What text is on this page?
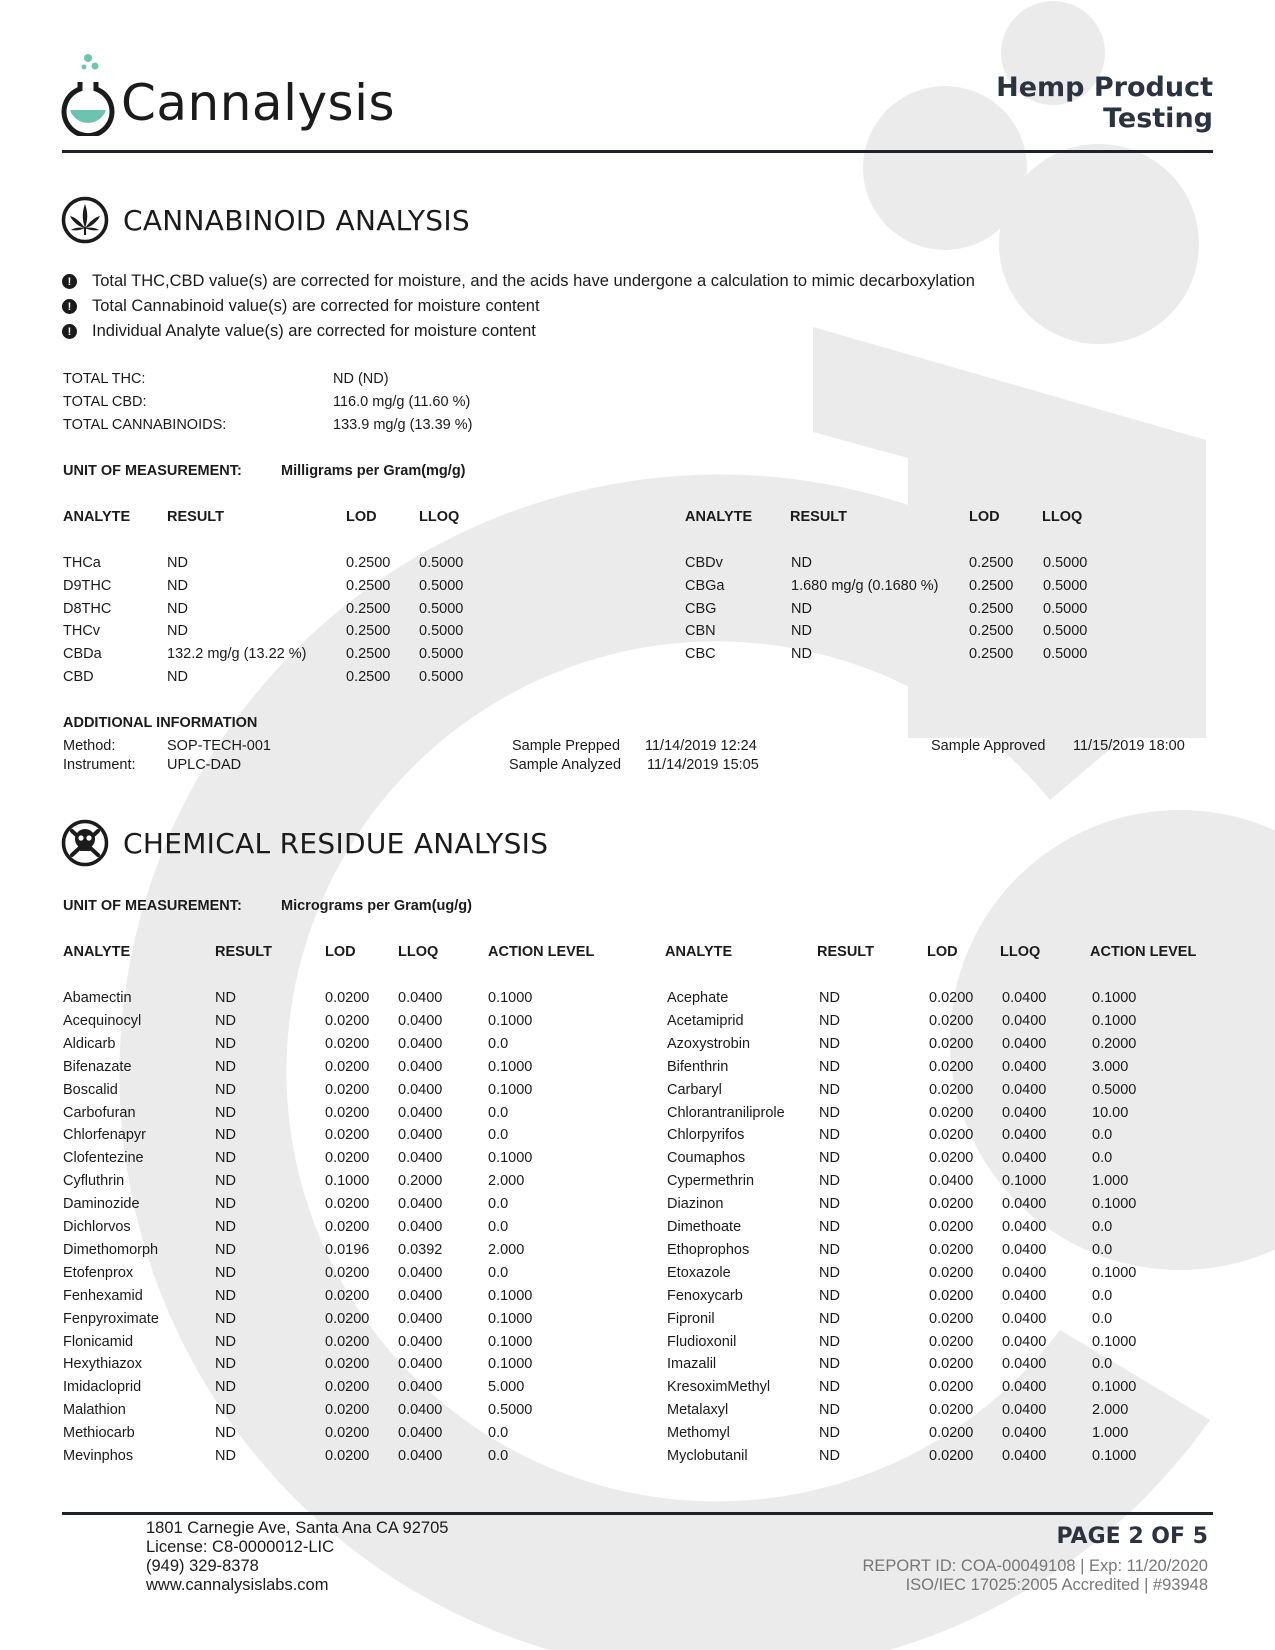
Cannalysis	Hemp Product
Testing
CANNABINOID ANALYSIS
!	Total THC,CBD value(s) are corrected for moisture, and the acids have undergone a calculation to mimic decarboxylation
!	Total Cannabinoid value(s) are corrected for moisture content
!	Individual Analyte value(s) are corrected for moisture content
TOTAL THC:	ND (ND)
TOTAL CBD:	116.0 mg/g (11.60 %)
TOTAL CANNABINOIDS:	133.9 mg/g (13.39 %)
UNIT OF MEASUREMENT:	Milligrams per Gram(mg/g)
ANALYTE	RESULT	LOD	LLOQ
THCa	ND	0.2500 0.5000
D9THC	ND	0.2500 0.5000
D8THC	ND	0.2500 0.5000
THCv	ND	0.2500 0.5000
CBDa	132.2 mg/g (13.22 %)	0.2500 0.5000
CBD	ND	0.2500 0.5000
ANALYTE	RESULT	LOD	LLOQ
CBDv	ND	0.2500 0.5000
CBGa	1.680 mg/g (0.1680 %) 0.2500 0.5000
CBG	ND	0.2500 0.5000
CBN	ND	0.2500 0.5000
CBC	ND	0.2500 0.5000
ADDITIONAL INFORMATION
Method:	SOP-TECH-001
Instrument: UPLC-DAD
Sample Prepped 11/14/2019 12:24
Sample Analyzed 11/14/2019 15:05
Sample Approved 11/15/2019 18:00
CHEMICAL RESIDUE ANALYSIS
UNIT OF MEASUREMENT:	Micrograms per Gram(ug/g)
ANALYTE	RESULT	LOD	LLOQ	ACTION LEVEL
Abamectin	ND	0.0200 0.0400	0.1000
Acequinocyl	ND	0.0200 0.0400	0.1000
Aldicarb	ND	0.0200 0.0400	0.0
Bifenazate	ND	0.0200 0.0400	0.1000
Boscalid	ND	0.0200 0.0400	0.1000
Carbofuran	ND	0.0200 0.0400	0.0
Chlorfenapyr	ND	0.0200 0.0400	0.0
Clofentezine	ND	0.0200 0.0400	0.1000
Cyfluthrin	ND	0.1000 0.2000	2.000
Daminozide	ND	0.0200 0.0400	0.0
Dichlorvos	ND	0.0200 0.0400	0.0
Dimethomorph	ND	0.0196 0.0392	2.000
Etofenprox	ND	0.0200 0.0400	0.0
Fenhexamid	ND	0.0200 0.0400	0.1000
Fenpyroximate	ND	0.0200 0.0400	0.1000
Flonicamid	ND	0.0200 0.0400	0.1000
Hexythiazox	ND	0.0200 0.0400	0.1000
Imidacloprid	ND	0.0200 0.0400	5.000
Malathion	ND	0.0200 0.0400	0.5000
Methiocarb	ND	0.0200 0.0400	0.0
Mevinphos	ND	0.0200 0.0400	0.0
ANALYTE	RESULT	LOD	LLOQ	ACTION LEVEL
Acephate	ND	0.0200 0.0400	0.1000
Acetamiprid	ND	0.0200 0.0400	0.1000
Azoxystrobin	ND	0.0200 0.0400	0.2000
Bifenthrin	ND	0.0200 0.0400	3.000
Carbaryl	ND	0.0200 0.0400	0.5000
Chlorantraniliprole ND	0.0200 0.0400	10.00
Chlorpyrifos	ND	0.0200 0.0400	0.0
Coumaphos	ND	0.0200 0.0400	0.0
Cypermethrin	ND	0.0400 0.1000	1.000
Diazinon	ND	0.0200 0.0400	0.1000
Dimethoate	ND	0.0200 0.0400	0.0
Ethoprophos	ND	0.0200 0.0400	0.0
Etoxazole	ND	0.0200 0.0400	0.1000
Fenoxycarb	ND	0.0200 0.0400	0.0
Fipronil	ND	0.0200 0.0400	0.0
Fludioxonil	ND	0.0200 0.0400	0.1000
Imazalil	ND	0.0200 0.0400	0.0
KresoximMethyl	ND	0.0200 0.0400	0.1000
Metalaxyl	ND	0.0200 0.0400	2.000
Methomyl	ND	0.0200 0.0400	1.000
Myclobutanil	ND	0.0200 0.0400	0.1000
1801 Carnegie Ave, Santa Ana CA 92705
License: C8-0000012-LIC
(949) 329-8378
www.cannalysislabs.com
PAGE 2 OF 5
REPORT ID: COA-00049108 | Exp: 11/20/2020
ISO/IEC 17025:2005 Accredited | #93948
